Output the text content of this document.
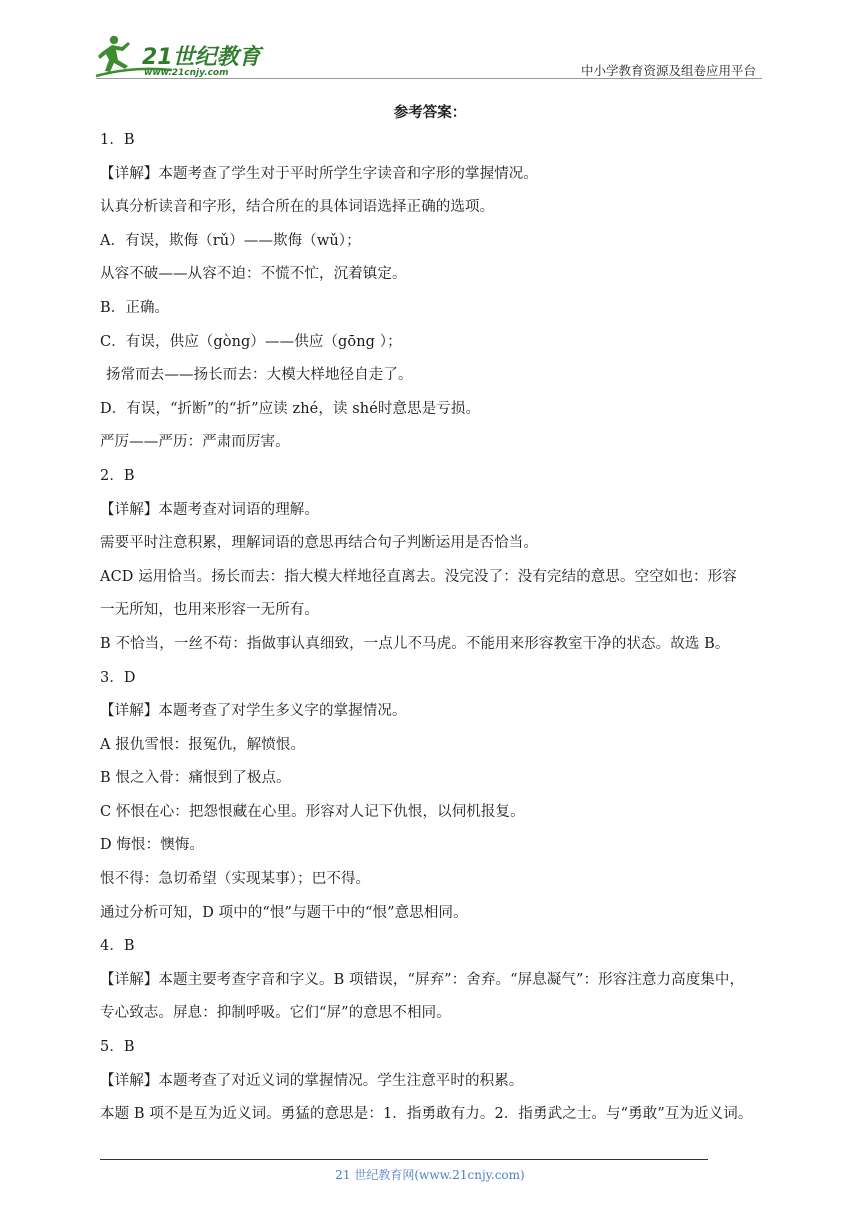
21世纪教育
www.21cnjy.com	中小学教育资源及组卷应用平台
参考答案：
1．B
【详解】本题考查了学生对于平时所学生字读音和字形的掌握情况。
认真分析读音和字形，结合所在的具体词语选择正确的选项。
A．有误，欺侮（rǔ）——欺侮（wǔ）；
从容不破——从容不迫：不慌不忙，沉着镇定。
B．正确。
C．有误，供应（gòng）——供应（gōng ）；
扬常而去——扬长而去：大模大样地径自走了。
D．有误，“折断”的“折”应读 zhé，读 shé时意思是亏损。
严厉——严历：严肃而厉害。
2．B
【详解】本题考查对词语的理解。
需要平时注意积累，理解词语的意思再结合句子判断运用是否恰当。
ACD 运用恰当。扬长而去：指大模大样地径直离去。没完没了：没有完结的意思。空空如也：形容
一无所知，也用来形容一无所有。
B 不恰当，一丝不苟：指做事认真细致，一点儿不马虎。不能用来形容教室干净的状态。故选 B。
3．D
【详解】本题考查了对学生多义字的掌握情况。
A 报仇雪恨：报冤仇，解愤恨。
B 恨之入骨：痛恨到了极点。
C 怀恨在心：把怨恨藏在心里。形容对人记下仇恨，以伺机报复。
D 悔恨：懊悔。
恨不得：急切希望（实现某事）；巴不得。
通过分析可知，D 项中的“恨”与题干中的“恨”意思相同。
4．B
【详解】本题主要考查字音和字义。B 项错误，“屏弃”：舍弃。“屏息凝气”：形容注意力高度集中，
专心致志。屏息：抑制呼吸。它们“屏”的意思不相同。
5．B
【详解】本题考查了对近义词的掌握情况。学生注意平时的积累。
本题 B 项不是互为近义词。勇猛的意思是：1．指勇敢有力。2．指勇武之士。与“勇敢”互为近义词。
21 世纪教育网(www.21cnjy.com)
